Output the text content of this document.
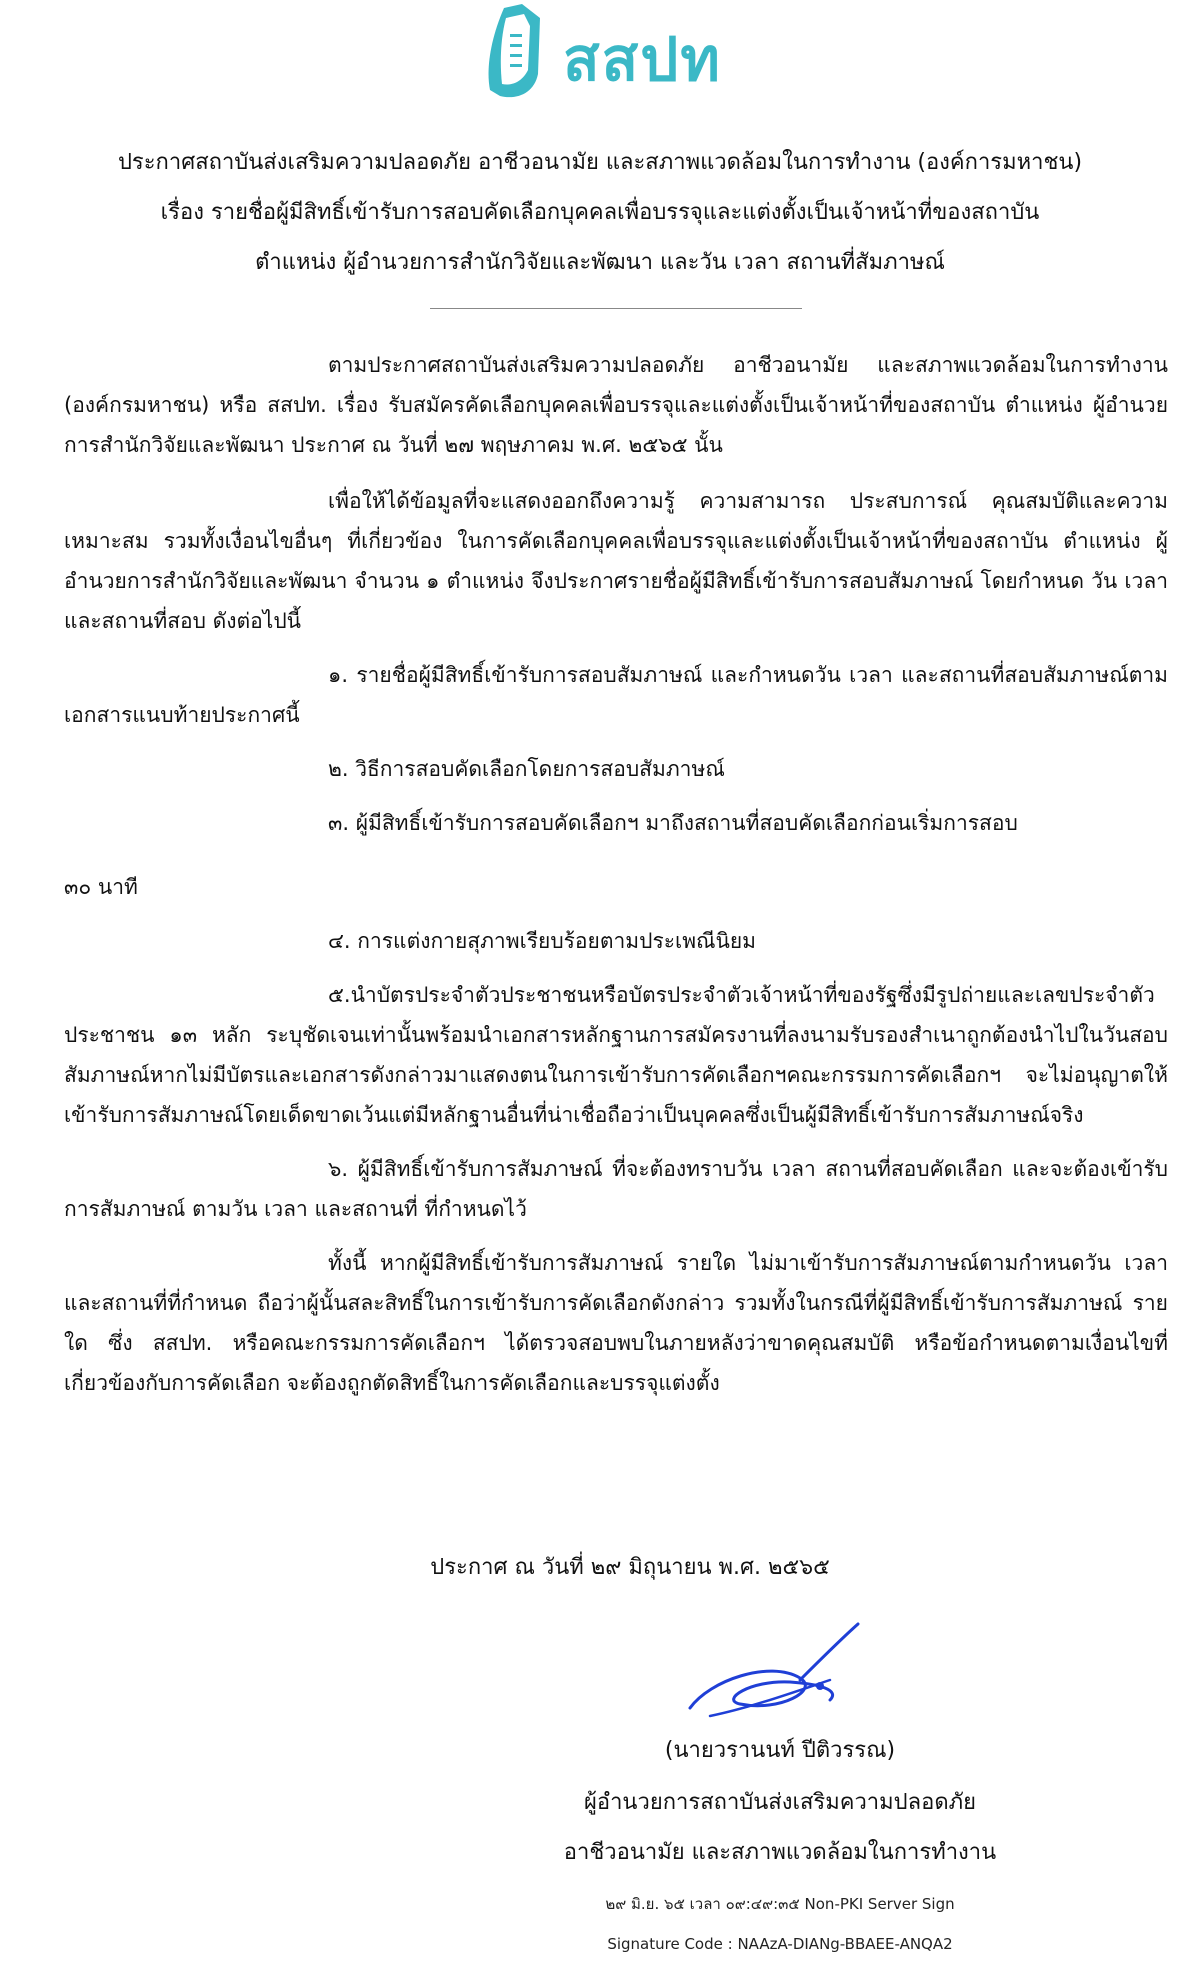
สสปท
ประกาศสถาบันส่งเสริมความปลอดภัย อาชีวอนามัย และสภาพแวดล้อมในการทำงาน (องค์การมหาชน)
เรื่อง รายชื่อผู้มีสิทธิ์เข้ารับการสอบคัดเลือกบุคคลเพื่อบรรจุและแต่งตั้งเป็นเจ้าหน้าที่ของสถาบัน
ตำแหน่ง ผู้อำนวยการสำนักวิจัยและพัฒนา และวัน เวลา สถานที่สัมภาษณ์

ตามประกาศสถาบันส่งเสริมความปลอดภัย อาชีวอนามัย และสภาพแวดล้อมในการทำงาน (องค์กรมหาชน) หรือ สสปท. เรื่อง รับสมัครคัดเลือกบุคคลเพื่อบรรจุและแต่งตั้งเป็นเจ้าหน้าที่ของสถาบัน ตำแหน่ง ผู้อำนวยการสำนักวิจัยและพัฒนา ประกาศ ณ วันที่ ๒๗ พฤษภาคม พ.ศ. ๒๕๖๕ นั้น

เพื่อให้ได้ข้อมูลที่จะแสดงออกถึงความรู้ ความสามารถ ประสบการณ์ คุณสมบัติและความเหมาะสม รวมทั้งเงื่อนไขอื่นๆ ที่เกี่ยวข้อง ในการคัดเลือกบุคคลเพื่อบรรจุและแต่งตั้งเป็นเจ้าหน้าที่ของสถาบัน ตำแหน่ง ผู้อำนวยการสำนักวิจัยและพัฒนา จำนวน ๑ ตำแหน่ง จึงประกาศรายชื่อผู้มีสิทธิ์เข้ารับการสอบสัมภาษณ์ โดยกำหนด วัน เวลา และสถานที่สอบ ดังต่อไปนี้

๑. รายชื่อผู้มีสิทธิ์เข้ารับการสอบสัมภาษณ์ และกำหนดวัน เวลา และสถานที่สอบสัมภาษณ์ตามเอกสารแนบท้ายประกาศนี้

๒. วิธีการสอบคัดเลือกโดยการสอบสัมภาษณ์

๓. ผู้มีสิทธิ์เข้ารับการสอบคัดเลือกฯ มาถึงสถานที่สอบคัดเลือกก่อนเริ่มการสอบ

๓๐ นาที

๔. การแต่งกายสุภาพเรียบร้อยตามประเพณีนิยม

๕.นำบัตรประจำตัวประชาชนหรือบัตรประจำตัวเจ้าหน้าที่ของรัฐซึ่งมีรูปถ่ายและเลขประจำตัวประชาชน ๑๓ หลัก ระบุชัดเจนเท่านั้นพร้อมนำเอกสารหลักฐานการสมัครงานที่ลงนามรับรองสำเนาถูกต้องนำไปในวันสอบสัมภาษณ์หากไม่มีบัตรและเอกสารดังกล่าวมาแสดงตนในการเข้ารับการคัดเลือกฯคณะกรรมการคัดเลือกฯ จะไม่อนุญาตให้เข้ารับการสัมภาษณ์โดยเด็ดขาดเว้นแต่มีหลักฐานอื่นที่น่าเชื่อถือว่าเป็นบุคคลซึ่งเป็นผู้มีสิทธิ์เข้ารับการสัมภาษณ์จริง

๖. ผู้มีสิทธิ์เข้ารับการสัมภาษณ์ ที่จะต้องทราบวัน เวลา สถานที่สอบคัดเลือก และจะต้องเข้ารับการสัมภาษณ์ ตามวัน เวลา และสถานที่ ที่กำหนดไว้

ทั้งนี้ หากผู้มีสิทธิ์เข้ารับการสัมภาษณ์ รายใด ไม่มาเข้ารับการสัมภาษณ์ตามกำหนดวัน เวลา และสถานที่ที่กำหนด ถือว่าผู้นั้นสละสิทธิ์ในการเข้ารับการคัดเลือกดังกล่าว รวมทั้งในกรณีที่ผู้มีสิทธิ์เข้ารับการสัมภาษณ์ รายใด ซึ่ง สสปท. หรือคณะกรรมการคัดเลือกฯ ได้ตรวจสอบพบในภายหลังว่าขาดคุณสมบัติ หรือข้อกำหนดตามเงื่อนไขที่เกี่ยวข้องกับการคัดเลือก จะต้องถูกตัดสิทธิ์ในการคัดเลือกและบรรจุแต่งตั้ง

ประกาศ ณ วันที่ ๒๙ มิถุนายน พ.ศ. ๒๕๖๕
(นายวรานนท์ ปีติวรรณ)
ผู้อำนวยการสถาบันส่งเสริมความปลอดภัย
อาชีวอนามัย และสภาพแวดล้อมในการทำงาน
๒๙ มิ.ย. ๖๕ เวลา ๐๙:๔๙:๓๕ Non-PKI Server Sign
Signature Code : NAAzA-DIANg-BBAEE-ANQA2
